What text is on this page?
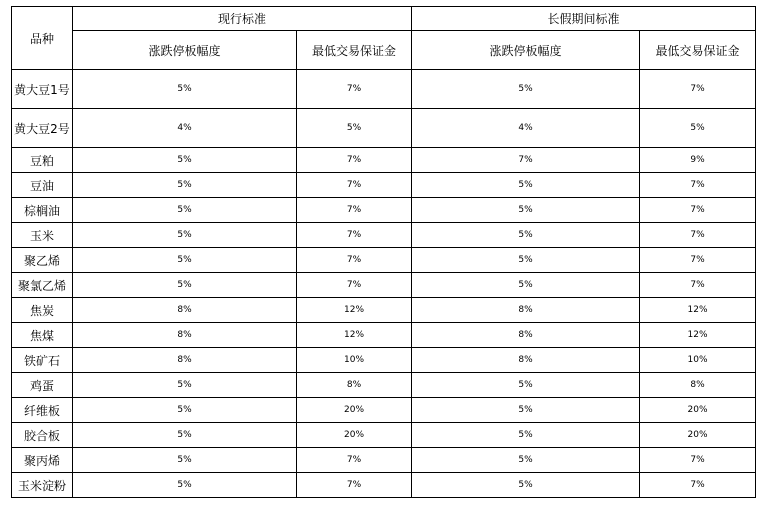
品种	现行标准		长假期间标准	
	涨跌停板幅度	最低交易保证金	涨跌停板幅度	最低交易保证金
黄大豆1号	5%	7%	5%	7%
黄大豆2号	4%	5%	4%	5%
豆粕	5%	7%	7%	9%
豆油	5%	7%	5%	7%
棕榈油	5%	7%	5%	7%
玉米	5%	7%	5%	7%
聚乙烯	5%	7%	5%	7%
聚氯乙烯	5%	7%	5%	7%
焦炭	8%	12%	8%	12%
焦煤	8%	12%	8%	12%
铁矿石	8%	10%	8%	10%
鸡蛋	5%	8%	5%	8%
纤维板	5%	20%	5%	20%
胶合板	5%	20%	5%	20%
聚丙烯	5%	7%	5%	7%
玉米淀粉	5%	7%	5%	7%
